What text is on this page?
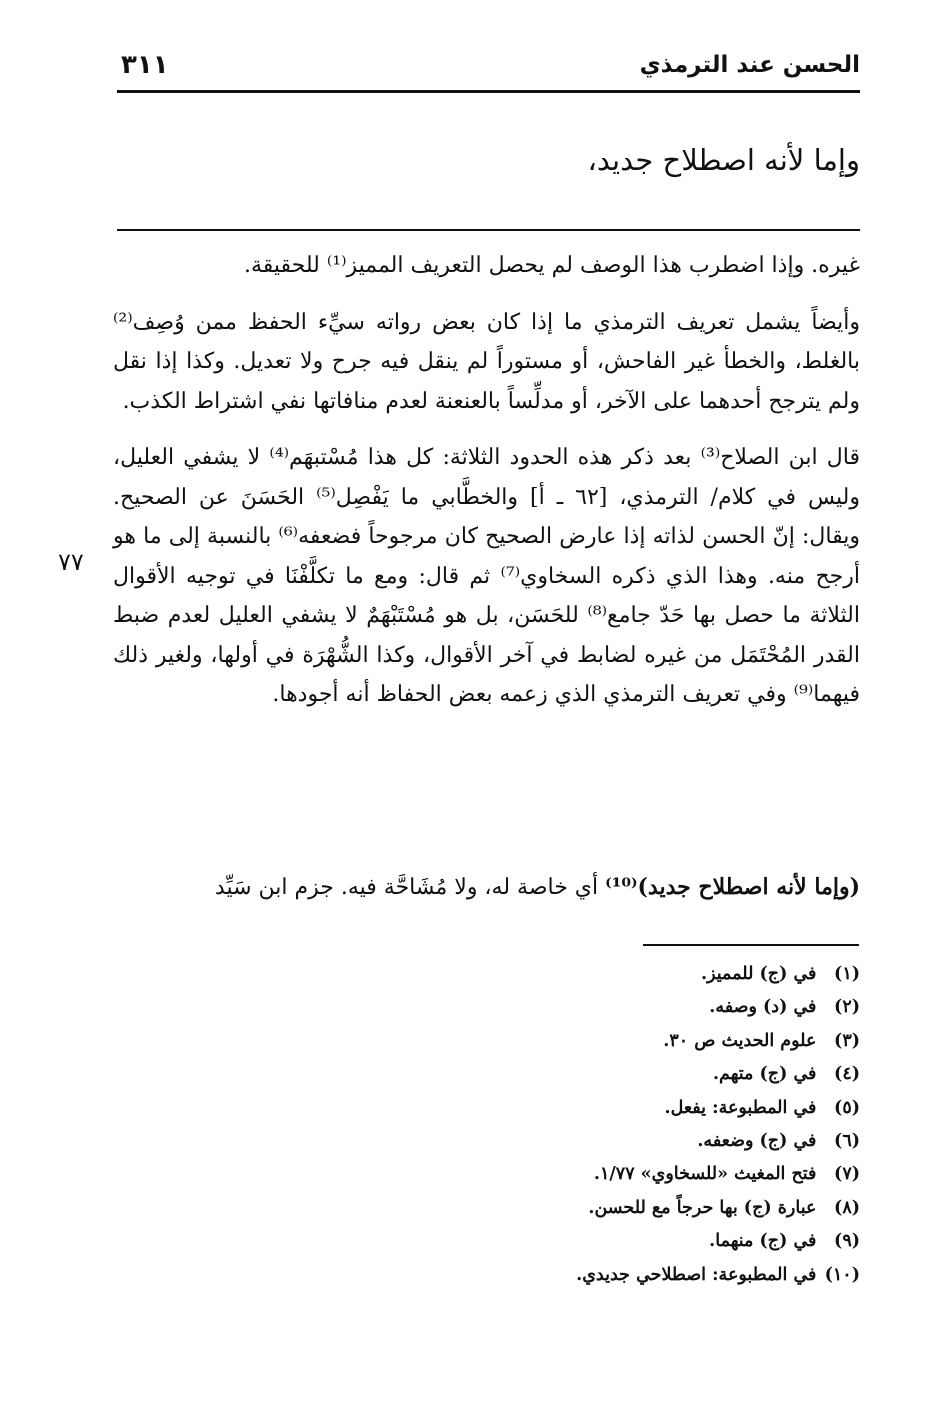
الحسن عند الترمذي
٣١١
وإما لأنه اصطلاح جديد،

غيره. وإذا اضطرب هذا الوصف لم يحصل التعريف المميز⁽¹⁾ للحقيقة.

وأيضاً يشمل تعريف الترمذي ما إذا كان بعض رواته سيِّء الحفظ ممن وُصِف⁽²⁾ بالغلط، والخطأ غير الفاحش، أو مستوراً لم ينقل فيه جرح ولا تعديل. وكذا إذا نقل ولم يترجح أحدهما على الآخر، أو مدلِّساً بالعنعنة لعدم منافاتها نفي اشتراط الكذب.

قال ابن الصلاح⁽³⁾ بعد ذكر هذه الحدود الثلاثة: كل هذا مُسْتبهَم⁽⁴⁾ لا يشفي العليل، وليس في كلام/ الترمذي، [٦٢ ـ أ] والخطَّابي ما يَفْصِل⁽⁵⁾ الحَسَنَ عن الصحيح. ويقال: إنّ الحسن لذاته إذا عارض الصحيح كان مرجوحاً فضعفه⁽⁶⁾ بالنسبة إلى ما هو أرجح منه. وهذا الذي ذكره السخاوي⁽⁷⁾ ثم قال: ومع ما تكلَّفْنَا في توجيه الأقوال الثلاثة ما حصل بها حَدّ جامع⁽⁸⁾ للحَسَن، بل هو مُسْتَبْهَمٌ لا يشفي العليل لعدم ضبط القدر المُحْتَمَل من غيره لضابط في آخر الأقوال، وكذا الشُّهْرَة في أولها، ولغير ذلك فيهما⁽⁹⁾ وفي تعريف الترمذي الذي زعمه بعض الحفاظ أنه أجودها.

٧٧
(وإما لأنه اصطلاح جديد)⁽¹⁰⁾ أي خاصة له، ولا مُشَاحَّة فيه. جزم ابن سَيِّد
(١) في (ج) للمميز.
(٢) في (د) وصفه.
(٣) علوم الحديث ص ٣٠.
(٤) في (ج) متهم.
(٥) في المطبوعة: يفعل.
(٦) في (ج) وضعفه.
(٧) فتح المغيث «للسخاوي» ١/٧٧.
(٨) عبارة (ج) بها حرجاً مع للحسن.
(٩) في (ج) منهما.
(١٠) في المطبوعة: اصطلاحي جديدي.
